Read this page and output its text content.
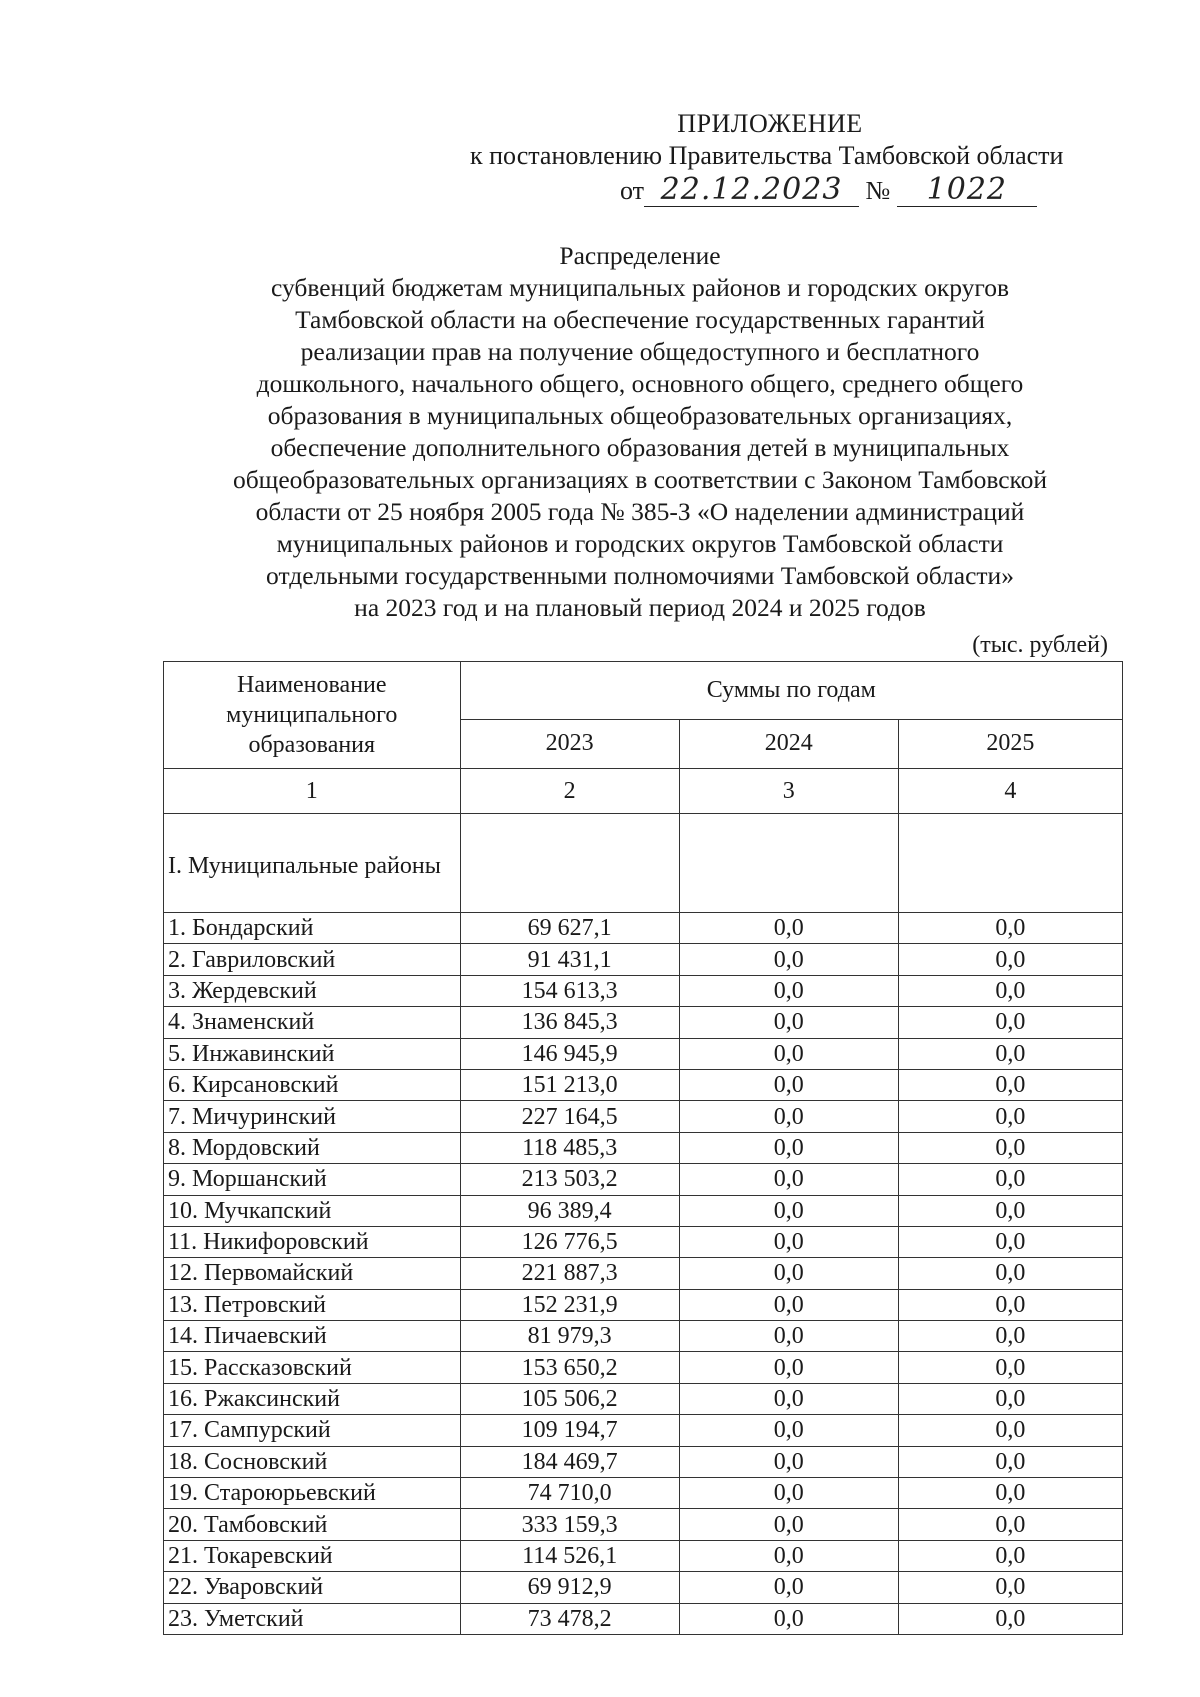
ПРИЛОЖЕНИЕ
к постановлению Правительства Тамбовской области
от 22.12.2023 № 1022
Распределение
субвенций бюджетам муниципальных районов и городских округов
Тамбовской области на обеспечение государственных гарантий
реализации прав на получение общедоступного и бесплатного
дошкольного, начального общего, основного общего, среднего общего
образования в муниципальных общеобразовательных организациях,
обеспечение дополнительного образования детей в муниципальных
общеобразовательных организациях в соответствии с Законом Тамбовской
области от 25 ноября 2005 года № 385-З «О наделении администраций
муниципальных районов и городских округов Тамбовской области
отдельными государственными полномочиями Тамбовской области»
на 2023 год и на плановый период 2024 и 2025 годов
(тыс. рублей)
Наименование муниципального образования	Суммы по годам		
	2023	2024	2025
1	2	3	4
I. Муниципальные районы			
1. Бондарский	69 627,1	0,0	0,0
2. Гавриловский	91 431,1	0,0	0,0
3. Жердевский	154 613,3	0,0	0,0
4. Знаменский	136 845,3	0,0	0,0
5. Инжавинский	146 945,9	0,0	0,0
6. Кирсановский	151 213,0	0,0	0,0
7. Мичуринский	227 164,5	0,0	0,0
8. Мордовский	118 485,3	0,0	0,0
9. Моршанский	213 503,2	0,0	0,0
10. Мучкапский	96 389,4	0,0	0,0
11. Никифоровский	126 776,5	0,0	0,0
12. Первомайский	221 887,3	0,0	0,0
13. Петровский	152 231,9	0,0	0,0
14. Пичаевский	81 979,3	0,0	0,0
15. Рассказовский	153 650,2	0,0	0,0
16. Ржаксинский	105 506,2	0,0	0,0
17. Сампурский	109 194,7	0,0	0,0
18. Сосновский	184 469,7	0,0	0,0
19. Староюрьевский	74 710,0	0,0	0,0
20. Тамбовский	333 159,3	0,0	0,0
21. Токаревский	114 526,1	0,0	0,0
22. Уваровский	69 912,9	0,0	0,0
23. Уметский	73 478,2	0,0	0,0
